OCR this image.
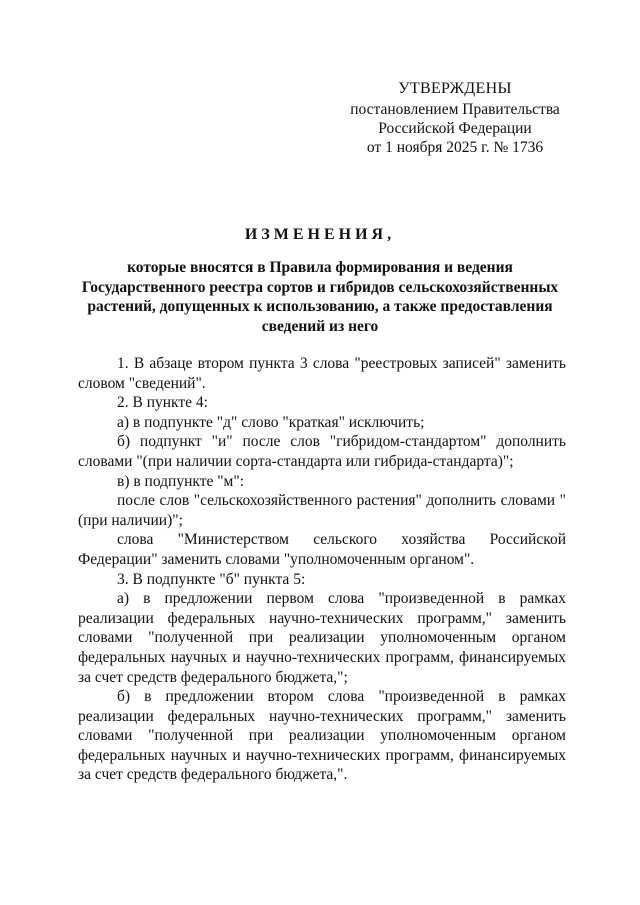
УТВЕРЖДЕНЫ
постановлением Правительства
Российской Федерации
от 1 ноября 2025 г. № 1736
ИЗМЕНЕНИЯ,
которые вносятся в Правила формирования и ведения Государственного реестра сортов и гибридов сельскохозяйственных растений, допущенных к использованию, а также предоставления сведений из него

1. В абзаце втором пункта 3 слова "реестровых записей" заменить словом "сведений".

2. В пункте 4:

а) в подпункте "д" слово "краткая" исключить;

б) подпункт "и" после слов "гибридом-стандартом" дополнить словами "(при наличии сорта-стандарта или гибрида-стандарта)";

в) в подпункте "м":

после слов "сельскохозяйственного растения" дополнить словами "(при наличии)";

слова "Министерством сельского хозяйства Российской Федерации" заменить словами "уполномоченным органом".

3. В подпункте "б" пункта 5:

а) в предложении первом слова "произведенной в рамках реализации федеральных научно-технических программ," заменить словами "полученной при реализации уполномоченным органом федеральных научных и научно-технических программ, финансируемых за счет средств федерального бюджета,";

б) в предложении втором слова "произведенной в рамках реализации федеральных научно-технических программ," заменить словами "полученной при реализации уполномоченным органом федеральных научных и научно-технических программ, финансируемых за счет средств федерального бюджета,".
